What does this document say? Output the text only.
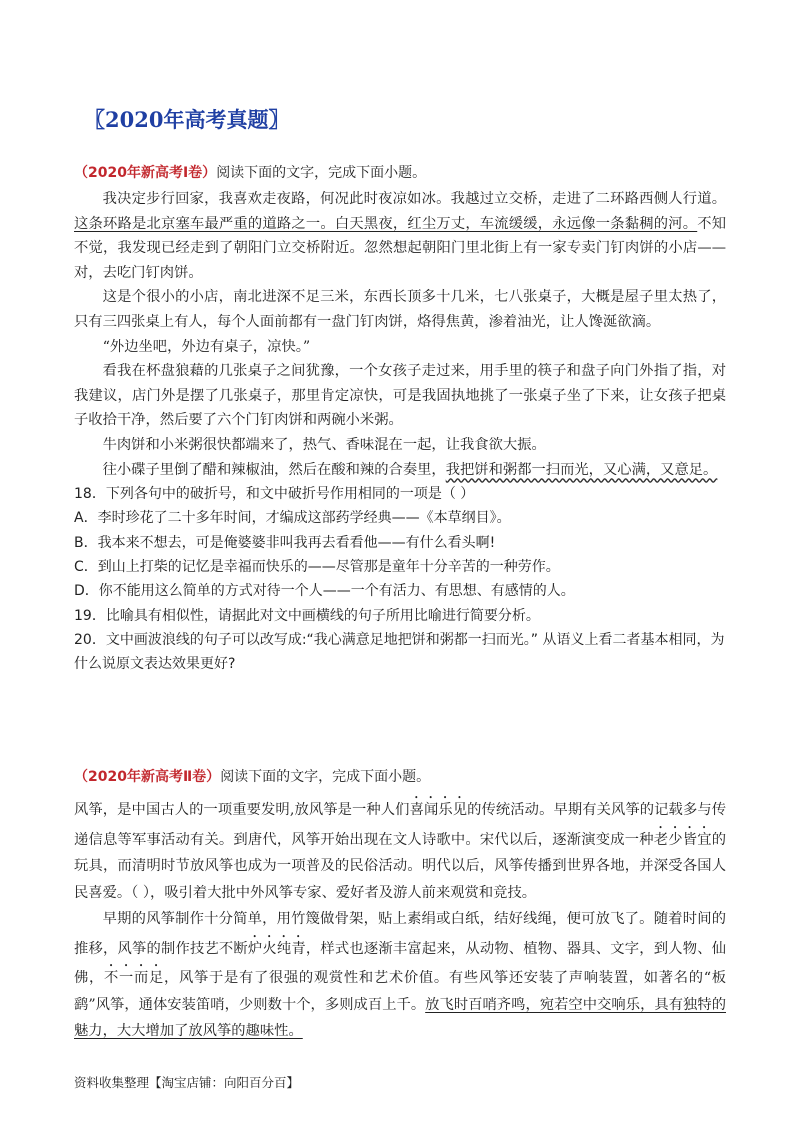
〖2020年高考真题〗
（2020年新高考Ⅰ卷）阅读下面的文字，完成下面小题。
我决定步行回家，我喜欢走夜路，何况此时夜凉如冰。我越过立交桥，走进了二环路西侧人行道。这条环路是北京塞车最严重的道路之一。白天黑夜，红尘万丈，车流缓缓，永远像一条黏稠的河。不知不觉，我发现已经走到了朝阳门立交桥附近。忽然想起朝阳门里北街上有一家专卖门钉肉饼的小店——对，去吃门钉肉饼。
这是个很小的小店，南北进深不足三米，东西长顶多十几米，七八张桌子，大概是屋子里太热了，只有三四张桌上有人，每个人面前都有一盘门钉肉饼，烙得焦黄，渗着油光，让人馋涎欲滴。
“外边坐吧，外边有桌子，凉快。”
看我在杯盘狼藉的几张桌子之间犹豫，一个女孩子走过来，用手里的筷子和盘子向门外指了指，对我建议，店门外是摆了几张桌子，那里肯定凉快，可是我固执地挑了一张桌子坐了下来，让女孩子把桌子收拾干净，然后要了六个门钉肉饼和两碗小米粥。
牛肉饼和小米粥很快都端来了，热气、香味混在一起，让我食欲大振。
往小碟子里倒了醋和辣椒油，然后在酸和辣的合奏里，我把饼和粥都一扫而光，又心满，又意足。
18．下列各句中的破折号，和文中破折号作用相同的一项是（ ）
A．李时珍花了二十多年时间，才编成这部药学经典——《本草纲目》。
B．我本来不想去，可是俺婆婆非叫我再去看看他——有什么看头啊!
C．到山上打柴的记忆是幸福而快乐的——尽管那是童年十分辛苦的一种劳作。
D．你不能用这么简单的方式对待一个人——一个有活力、有思想、有感情的人。
19．比喻具有相似性，请据此对文中画横线的句子所用比喻进行简要分析。
20．文中画波浪线的句子可以改写成:“我心满意足地把饼和粥都一扫而光。” 从语义上看二者基本相同，为什么说原文表达效果更好?
（2020年新高考Ⅱ卷）阅读下面的文字，完成下面小题。
风筝，是中国古人的一项重要发明,放风筝是一种人们喜闻乐见的传统活动。早期有关风筝的记载多与传递信息等军事活动有关。到唐代，风筝开始出现在文人诗歌中。宋代以后，逐渐演变成一种老少皆宜的玩具，而清明时节放风筝也成为一项普及的民俗活动。明代以后，风筝传播到世界各地，并深受各国人民喜爱。（ ），吸引着大批中外风筝专家、爱好者及游人前来观赏和竞技。
早期的风筝制作十分简单，用竹篾做骨架，贴上素绢或白纸，结好线绳，便可放飞了。随着时间的推移，风筝的制作技艺不断炉火纯青，样式也逐渐丰富起来，从动物、植物、器具、文字，到人物、仙佛，不一而足，风筝于是有了很强的观赏性和艺术价值。有些风筝还安装了声响装置，如著名的“板鹞”风筝，通体安装笛哨，少则数十个，多则成百上千。放飞时百哨齐鸣，宛若空中交响乐，具有独特的魅力，大大增加了放风筝的趣味性。
资料收集整理【淘宝店铺：向阳百分百】
